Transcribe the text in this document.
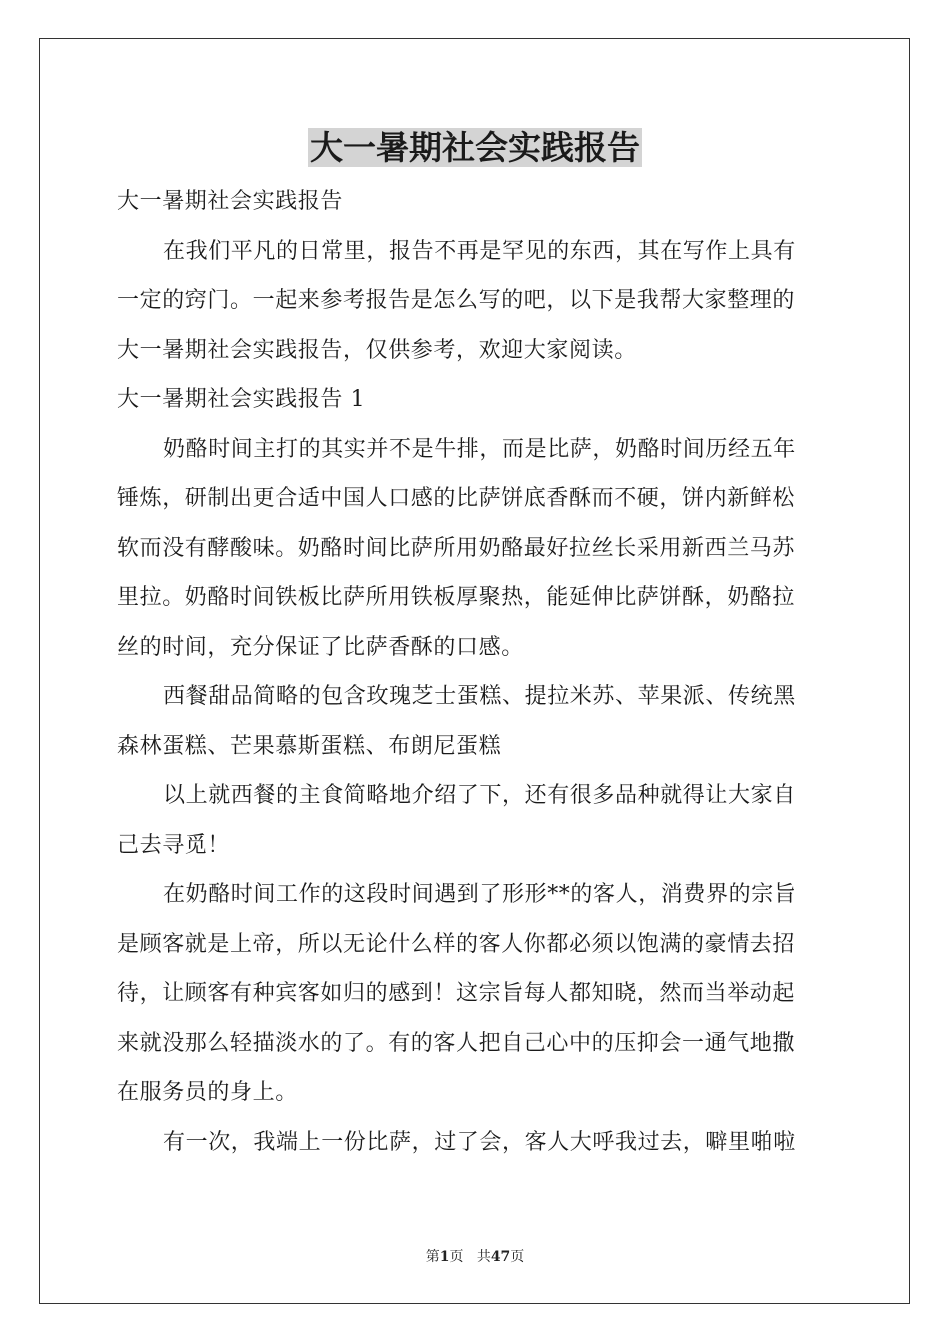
大一暑期社会实践报告

大一暑期社会实践报告

在我们平凡的日常里，报告不再是罕见的东西，其在写作上具有

一定的窍门。一起来参考报告是怎么写的吧，以下是我帮大家整理的

大一暑期社会实践报告，仅供参考，欢迎大家阅读。

大一暑期社会实践报告 1

奶酪时间主打的其实并不是牛排，而是比萨，奶酪时间历经五年

锤炼，研制出更合适中国人口感的比萨饼底香酥而不硬，饼内新鲜松

软而没有酵酸味。奶酪时间比萨所用奶酪最好拉丝长采用新西兰马苏

里拉。奶酪时间铁板比萨所用铁板厚聚热，能延伸比萨饼酥，奶酪拉

丝的时间，充分保证了比萨香酥的口感。

西餐甜品简略的包含玫瑰芝士蛋糕、提拉米苏、苹果派、传统黑

森林蛋糕、芒果慕斯蛋糕、布朗尼蛋糕

以上就西餐的主食简略地介绍了下，还有很多品种就得让大家自

己去寻觅！

在奶酪时间工作的这段时间遇到了形形**的客人，消费界的宗旨

是顾客就是上帝，所以无论什么样的客人你都必须以饱满的豪情去招

待，让顾客有种宾客如归的感到！这宗旨每人都知晓，然而当举动起

来就没那么轻描淡水的了。有的客人把自己心中的压抑会一通气地撒

在服务员的身上。

有一次，我端上一份比萨，过了会，客人大呼我过去，噼里啪啦

第1页 共47页
